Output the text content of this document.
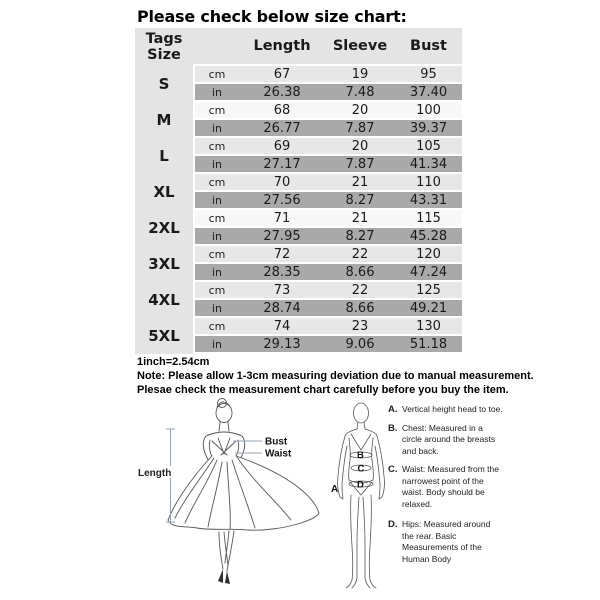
Please check below size chart:
Tags
Size
Length	Sleeve	Bust
S
cm	67	19	95
in	26.38	7.48	37.40
M
cm	68	20	100
in	26.77	7.87	39.37
L
cm	69	20	105
in	27.17	7.87	41.34
XL
cm	70	21	110
in	27.56	8.27	43.31
2XL
cm	71	21	115
in	27.95	8.27	45.28
3XL
cm	72	22	120
in	28.35	8.66	47.24
4XL
cm	73	22	125
in	28.74	8.66	49.21
5XL
cm	74	23	130
in	29.13	9.06	51.18
1inch=2.54cm
Note: Please allow 1-3cm measuring deviation due to manual measurement.
Plesae check the measurement chart carefully before you buy the item.
Length
Bust
Waist
A
B
C
D
A. Vertical height head to toe.
B. Chest: Measured in a circle around the breasts and back.
C. Waist: Measured from the narrowest point of the waist. Body should be relaxed.
D. Hips: Measured around the rear. Basic Measurements of the Human Body
